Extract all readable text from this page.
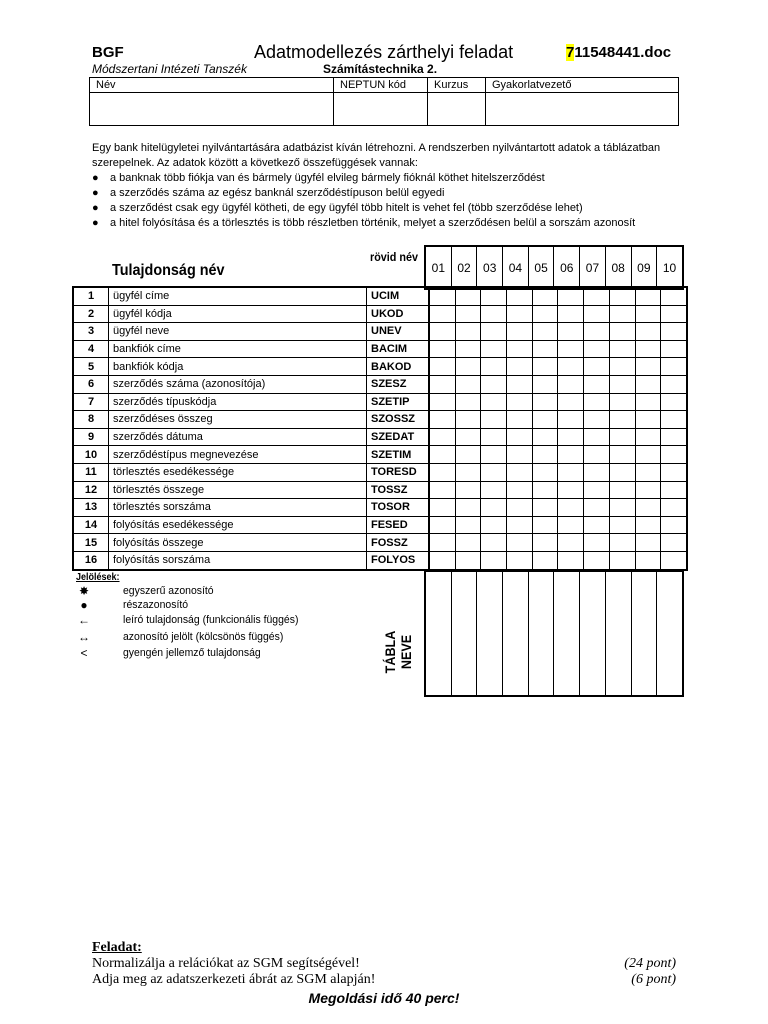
BGF	Adatmodellezés zárthelyi feladat	711548441.doc
Módszertani Intézeti Tanszék	Számítástechnika 2.
Név	NEPTUN kód	Kurzus	Gyakorlatvezető

Egy bank hitelügyletei nyilvántartására adatbázist kíván létrehozni. A rendszerben nyilvántartott adatok a táblázatban szerepelnek. Az adatok között a következő összefüggések vannak:

● a banknak több fiókja van és bármely ügyfél elvileg bármely fióknál köthet hitelszerződést
● a szerződés száma az egész banknál szerződéstípuson belül egyedi
● a szerződést csak egy ügyfél kötheti, de egy ügyfél több hitelt is vehet fel (több szerződése lehet)
● a hitel folyósítása és a törlesztés is több részletben történik, melyet a szerződésen belül a sorszám azonosít
rövid név
Tulajdonság név	01	02	03	04	05	06	07	08	09	10
1	ügyfél címe	UCIM										
2	ügyfél kódja	UKOD										
3	ügyfél neve	UNEV										
4	bankfiók címe	BACIM										
5	bankfiók kódja	BAKOD										
6	szerződés száma (azonosítója)	SZESZ										
7	szerződés típuskódja	SZETIP										
8	szerződéses összeg	SZOSSZ										
9	szerződés dátuma	SZEDAT										
10	szerződéstípus megnevezése	SZETIM										
11	törlesztés esedékessége	TORESD										
12	törlesztés összege	TOSSZ										
13	törlesztés sorszáma	TOSOR										
14	folyósítás esedékessége	FESED										
15	folyósítás összege	FOSSZ										
16	folyósítás sorszáma	FOLYOS										

TÁBLA NEVE
Jelölések:
✸	egyszerű azonosító
●	részazonosító
←	leíró tulajdonság (funkcionális függés)
↔	azonosító jelölt (kölcsönös függés)
<	gyengén jellemző tulajdonság
Feladat:
Normalizálja a relációkat az SGM segítségével!	(24 pont)
Adja meg az adatszerkezeti ábrát az SGM alapján!	(6 pont)
Megoldási idő 40 perc!
